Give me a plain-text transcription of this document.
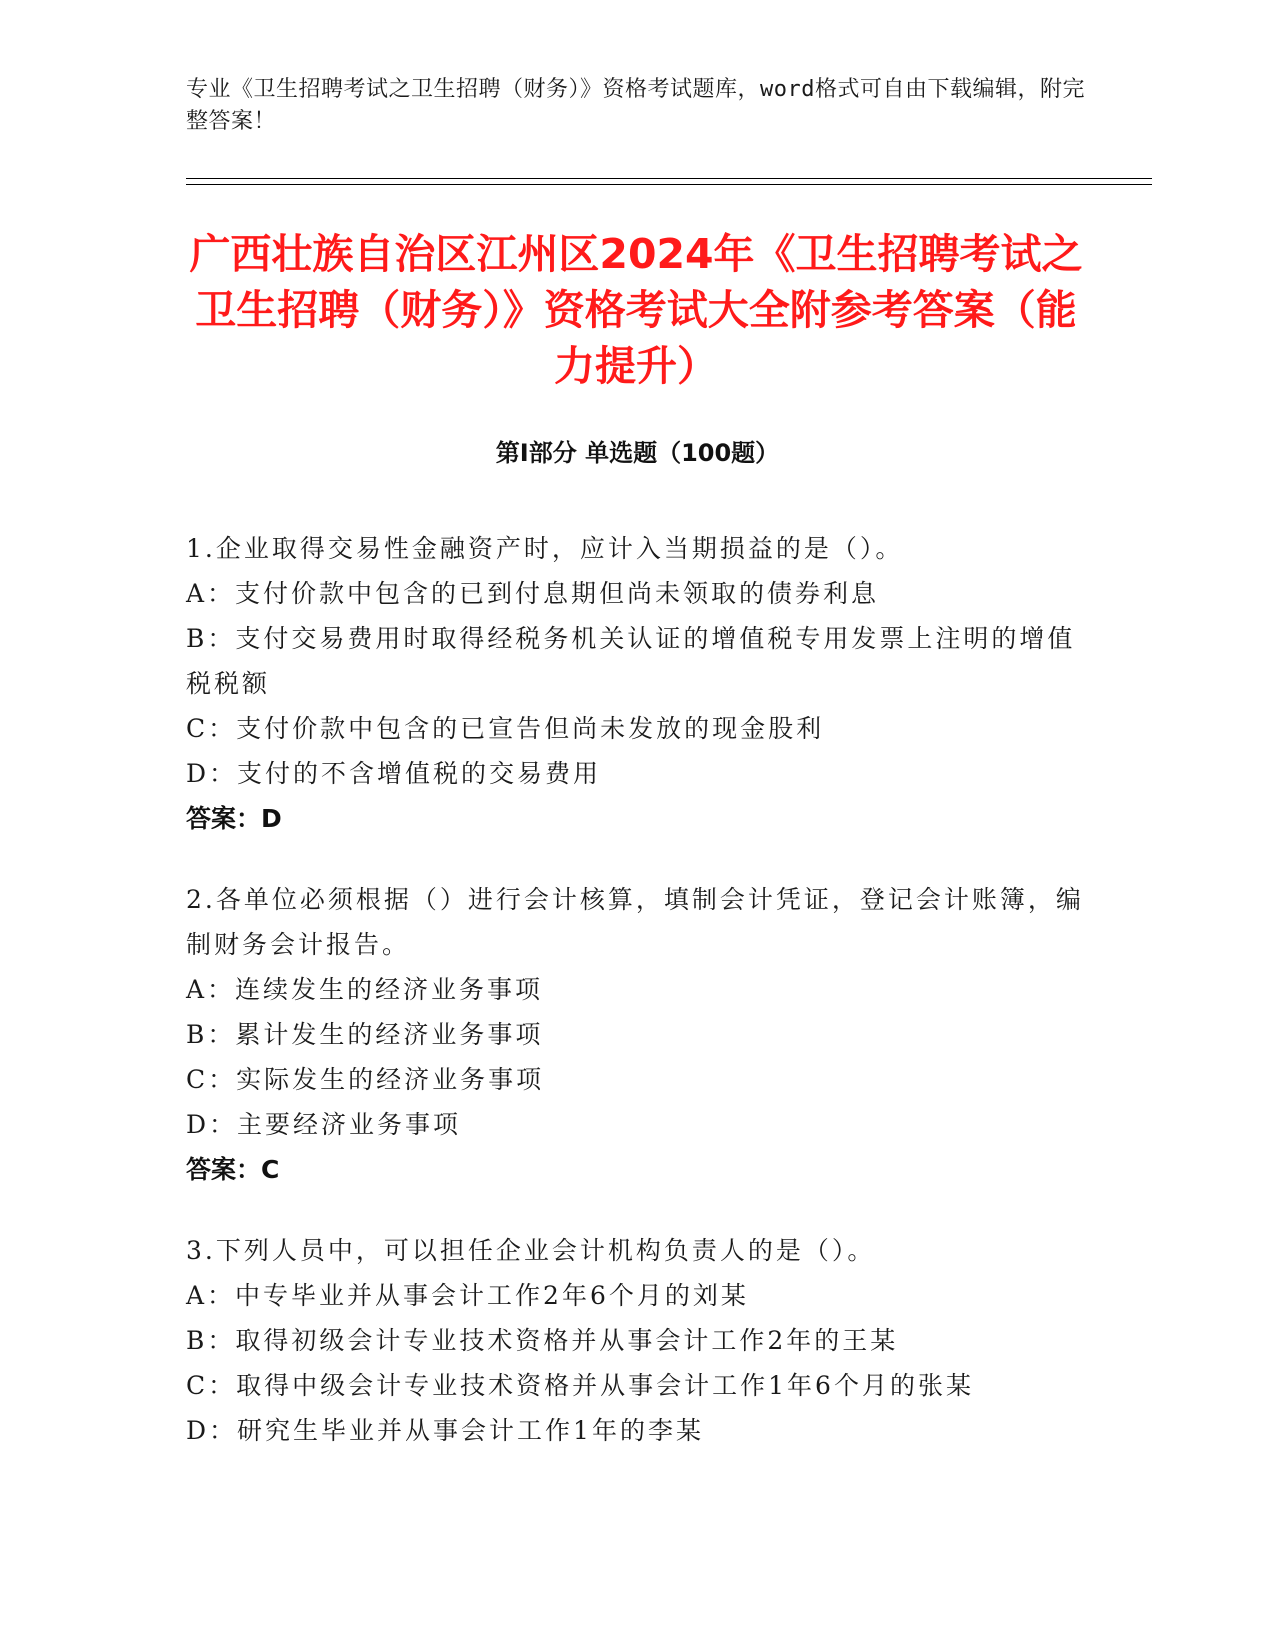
专业《卫生招聘考试之卫生招聘（财务）》资格考试题库，word格式可自由下载编辑，附完整答案！
广西壮族自治区江州区2024年《卫生招聘考试之卫生招聘（财务）》资格考试大全附参考答案（能力提升）
第Ⅰ部分 单选题（100题）
1.企业取得交易性金融资产时，应计入当期损益的是（）。
A：支付价款中包含的已到付息期但尚未领取的债券利息
B：支付交易费用时取得经税务机关认证的增值税专用发票上注明的增值税税额
C：支付价款中包含的已宣告但尚未发放的现金股利
D：支付的不含增值税的交易费用
答案：D
2.各单位必须根据（）进行会计核算，填制会计凭证，登记会计账簿，编制财务会计报告。
A：连续发生的经济业务事项
B：累计发生的经济业务事项
C：实际发生的经济业务事项
D：主要经济业务事项
答案：C
3.下列人员中，可以担任企业会计机构负责人的是（）。
A：中专毕业并从事会计工作2年6个月的刘某
B：取得初级会计专业技术资格并从事会计工作2年的王某
C：取得中级会计专业技术资格并从事会计工作1年6个月的张某
D：研究生毕业并从事会计工作1年的李某
